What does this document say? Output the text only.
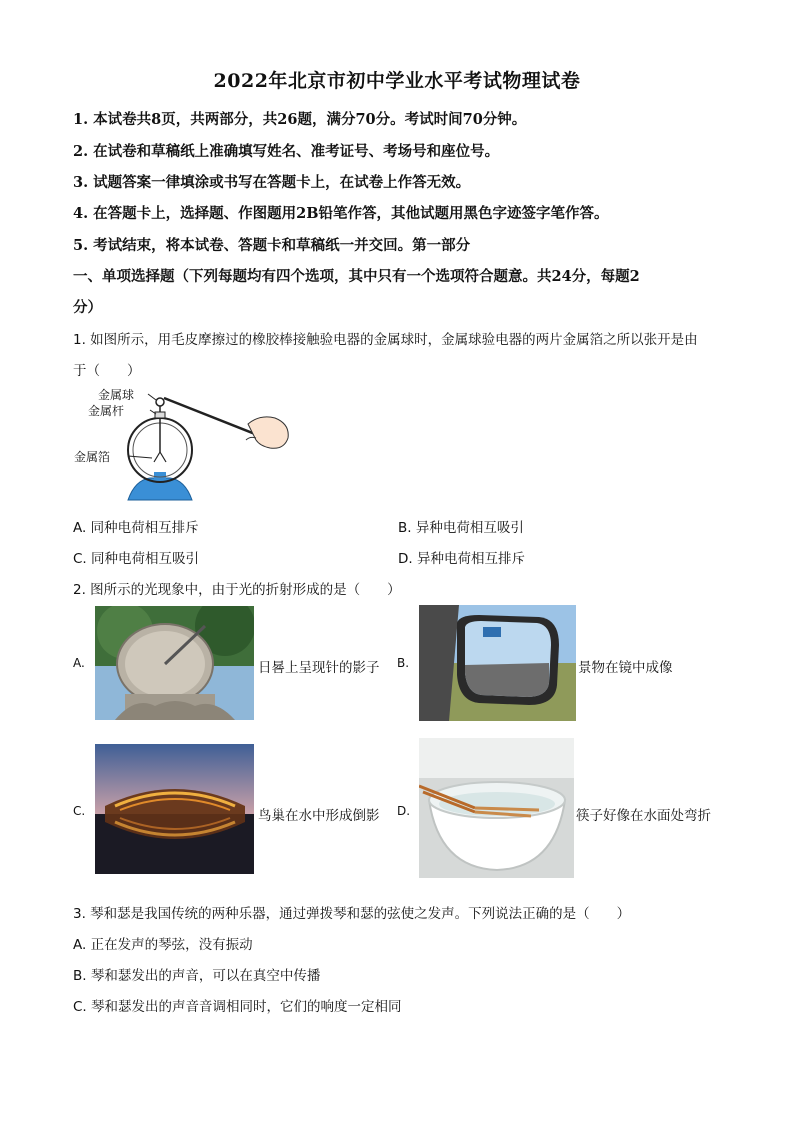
2022年北京市初中学业水平考试物理试卷
1. 本试卷共8页，共两部分，共26题，满分70分。考试时间70分钟。
2. 在试卷和草稿纸上准确填写姓名、准考证号、考场号和座位号。
3. 试题答案一律填涂或书写在答题卡上，在试卷上作答无效。
4. 在答题卡上，选择题、作图题用2B铅笔作答，其他试题用黑色字迹签字笔作答。
5. 考试结束，将本试卷、答题卡和草稿纸一并交回。第一部分
一、单项选择题（下列每题均有四个选项，其中只有一个选项符合题意。共24分，每题2
分）
1. 如图所示，用毛皮摩擦过的橡胶棒接触验电器的金属球时，金属球验电器的两片金属箔之所以张开是由
于（　　）
金属球
金属杆
金属箔
A. 同种电荷相互排斥	B. 异种电荷相互吸引
C. 同种电荷相互吸引	D. 异种电荷相互排斥
2. 图所示的光现象中，由于光的折射形成的是（　　）
A.	日晷上呈现针的影子 B.	景物在镜中成像
C.	鸟巢在水中形成倒影 D.	筷子好像在水面处弯折
3. 琴和瑟是我国传统的两种乐器，通过弹拨琴和瑟的弦使之发声。下列说法正确的是（　　）
A. 正在发声的琴弦，没有振动
B. 琴和瑟发出的声音，可以在真空中传播
C. 琴和瑟发出的声音音调相同时，它们的响度一定相同
